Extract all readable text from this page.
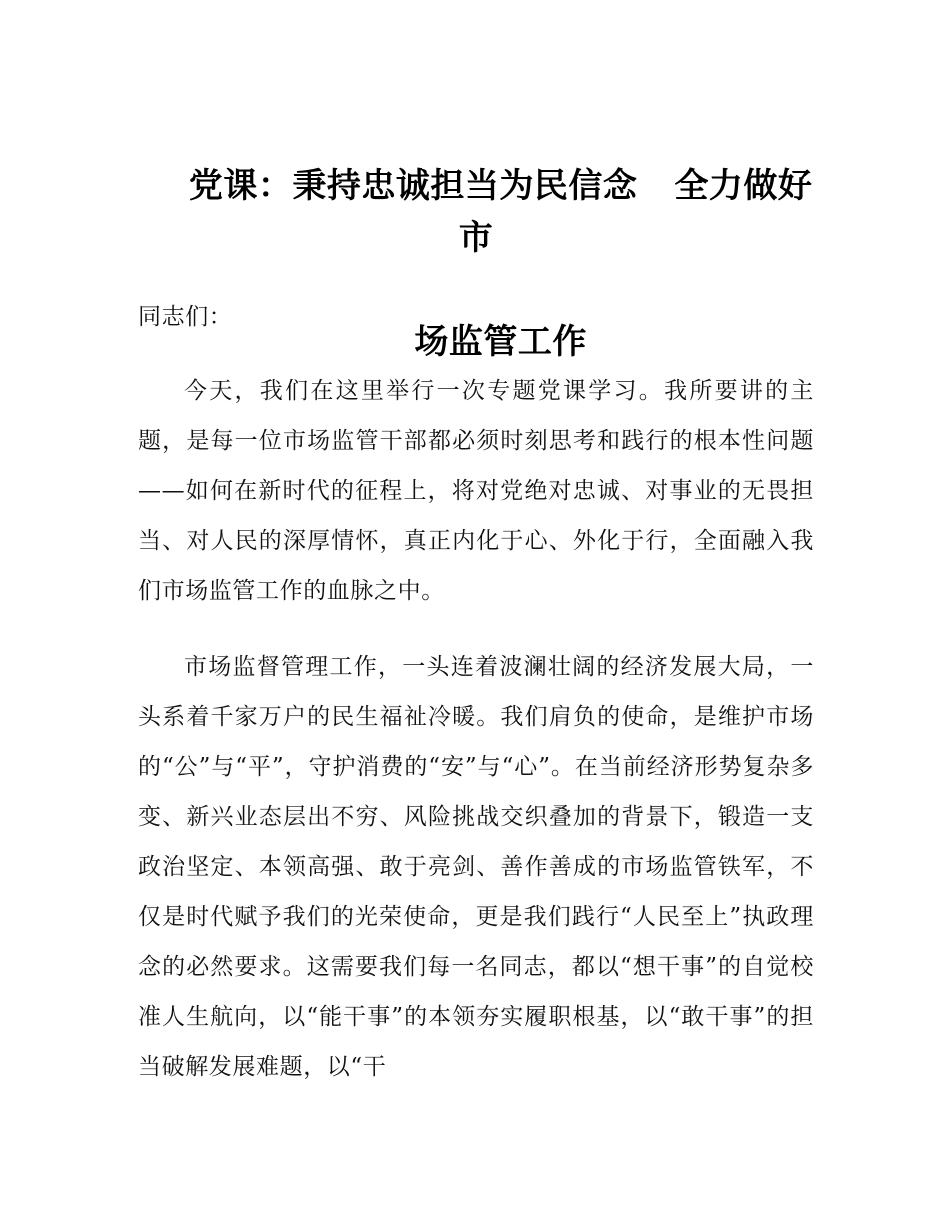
党课：秉持忠诚担当为民信念   全力做好市

场监管工作

同志们：

今天，我们在这里举行一次专题党课学习。我所要讲的主题，是每一位市场监管干部都必须时刻思考和践行的根本性问题——如何在新时代的征程上，将对党绝对忠诚、对事业的无畏担当、对人民的深厚情怀，真正内化于心、外化于行，全面融入我们市场监管工作的血脉之中。

市场监督管理工作，一头连着波澜壮阔的经济发展大局，一头系着千家万户的民生福祉冷暖。我们肩负的使命，是维护市场的“公”与“平”，守护消费的“安”与“心”。在当前经济形势复杂多变、新兴业态层出不穷、风险挑战交织叠加的背景下，锻造一支政治坚定、本领高强、敢于亮剑、善作善成的市场监管铁军，不仅是时代赋予我们的光荣使命，更是我们践行“人民至上”执政理念的必然要求。这需要我们每一名同志，都以“想干事”的自觉校准人生航向，以“能干事”的本领夯实履职根基，以“敢干事”的担当破解发展难题，以“干
